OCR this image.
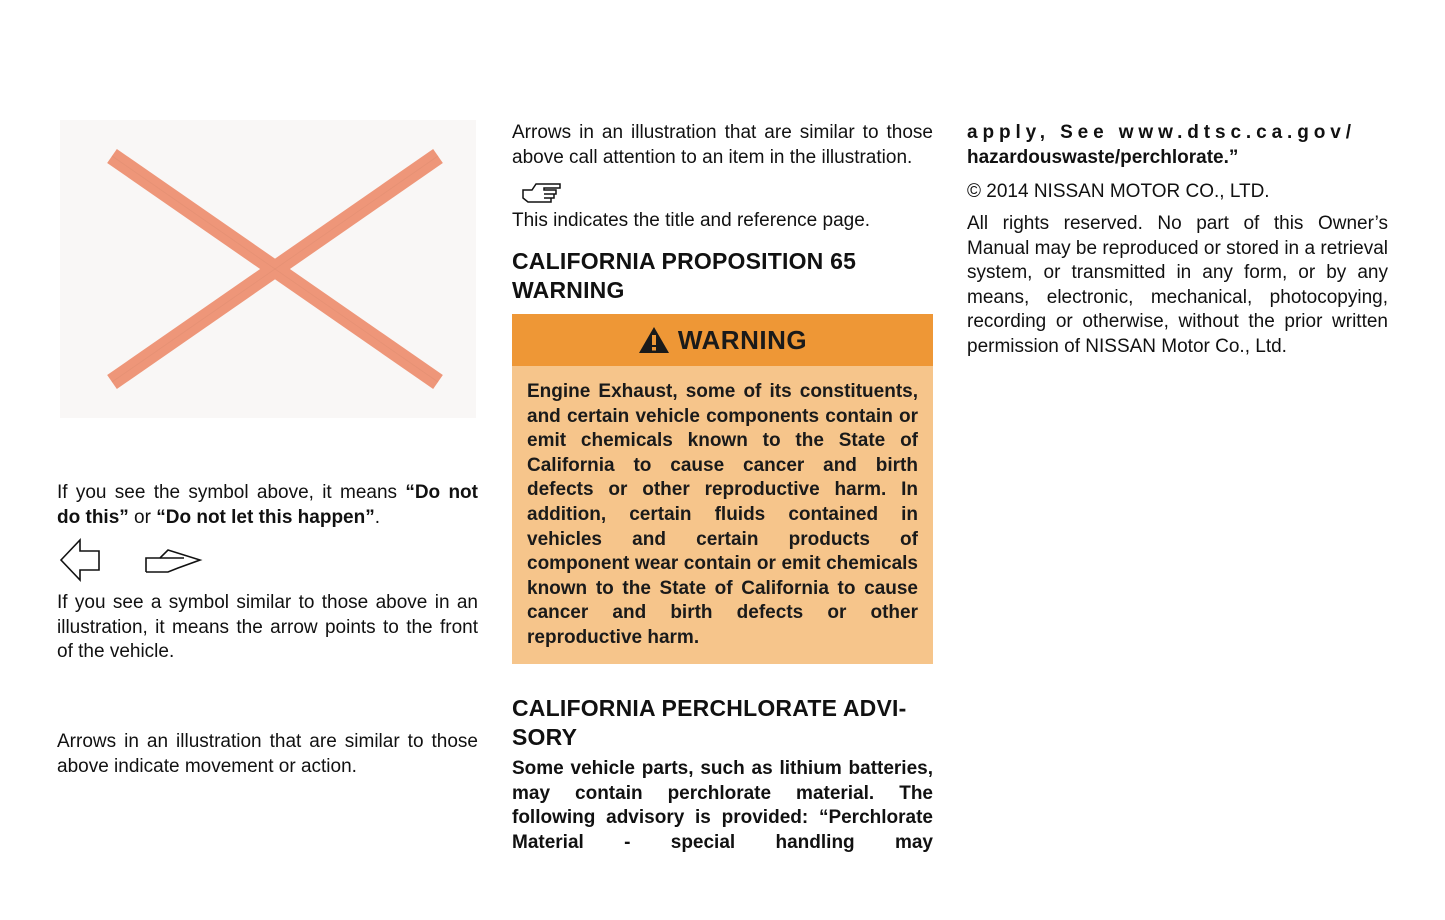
If you see the symbol above, it means “Do not do this” or “Do not let this happen”.

If you see a symbol similar to those above in an illustration, it means the arrow points to the front of the vehicle.

Arrows in an illustration that are similar to those above indicate movement or action.

Arrows in an illustration that are similar to those above call attention to an item in the illustration.

This indicates the title and reference page.

CALIFORNIA PROPOSITION 65

WARNING

WARNING
Engine Exhaust, some of its constituents, and certain vehicle components contain or emit chemicals known to the State of California to cause cancer and birth defects or other reproductive harm. In addition, certain fluids contained in vehicles and certain products of component wear contain or emit chemicals known to the State of California to cause cancer and birth defects or other reproductive harm.

CALIFORNIA PERCHLORATE ADVI-

SORY

Some vehicle parts, such as lithium batteries, may contain perchlorate material. The following advisory is provided: “Perchlorate Material - special handling may

apply, See www.dtsc.ca.gov/

hazardouswaste/perchlorate.”

© 2014 NISSAN MOTOR CO., LTD.

All rights reserved. No part of this Owner’s Manual may be reproduced or stored in a retrieval system, or transmitted in any form, or by any means, electronic, mechanical, photocopying, recording or otherwise, without the prior written permission of NISSAN Motor Co., Ltd.
